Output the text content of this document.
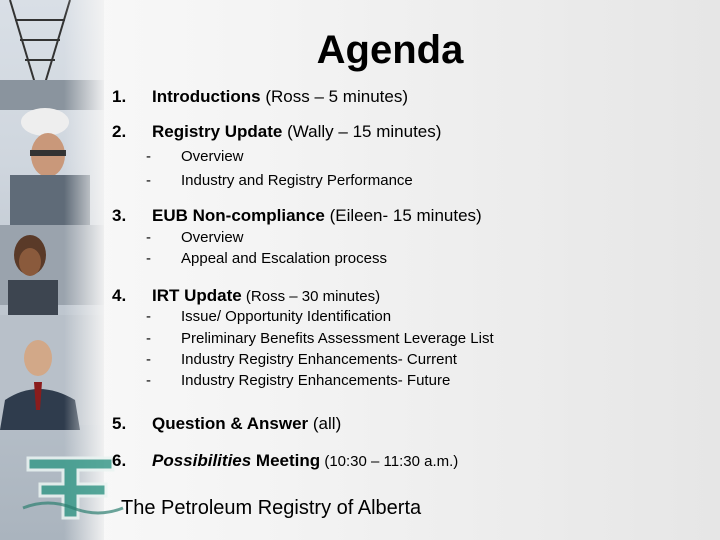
Agenda
1. Introductions (Ross – 5 minutes)
2. Registry Update (Wally – 15 minutes)
- Overview
- Industry and Registry Performance
3. EUB Non-compliance (Eileen- 15 minutes)
- Overview
- Appeal and Escalation process
4. IRT Update (Ross – 30 minutes)
- Issue/ Opportunity Identification
- Preliminary Benefits Assessment Leverage List
- Industry Registry Enhancements- Current
- Industry Registry Enhancements- Future
5. Question & Answer (all)
6. Possibilities Meeting (10:30 – 11:30 a.m.)
The Petroleum Registry of Alberta
